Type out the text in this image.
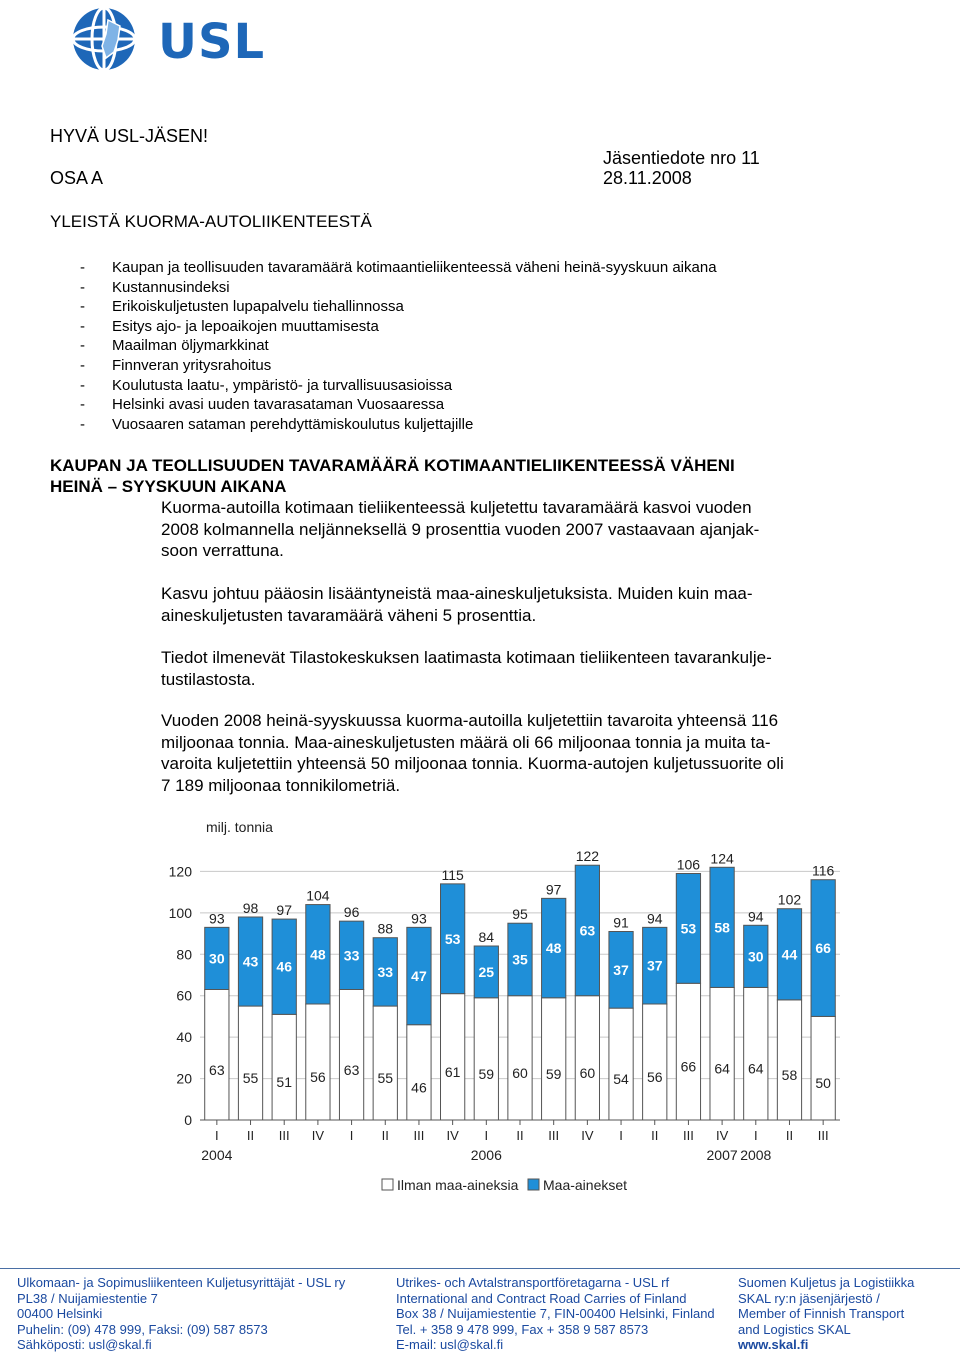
USL
HYVÄ USL-JÄSEN!
Jäsentiedote nro 11
OSA A	28.11.2008
YLEISTÄ KUORMA-AUTOLIIKENTEESTÄ
- Kaupan ja teollisuuden tavaramäärä kotimaantieliikenteessä väheni heinä-syyskuun aikana
- Kustannusindeksi
- Erikoiskuljetusten lupapalvelu tiehallinnossa
- Esitys ajo- ja lepoaikojen muuttamisesta
- Maailman öljymarkkinat
- Finnveran yritysrahoitus
- Koulutusta laatu-, ympäristö- ja turvallisuusasioissa
- Helsinki avasi uuden tavarasataman Vuosaaressa
- Vuosaaren sataman perehdyttämiskoulutus kuljettajille
KAUPAN JA TEOLLISUUDEN TAVARAMÄÄRÄ KOTIMAANTIELIIKENTEESSÄ VÄHENI
HEINÄ – SYYSKUUN AIKANA

Kuorma-autoilla kotimaan tieliikenteessä kuljetettu tavaramäärä kasvoi vuoden

2008 kolmannella neljänneksellä 9 prosenttia vuoden 2007 vastaavaan ajanjak-

soon verrattuna.

Kasvu johtuu pääosin lisääntyneistä maa-aineskuljetuksista. Muiden kuin maa-

aineskuljetusten tavaramäärä väheni 5 prosenttia.

Tiedot ilmenevät Tilastokeskuksen laatimasta kotimaan tieliikenteen tavarankulje-

tustilastosta.

Vuoden 2008 heinä-syyskuussa kuorma-autoilla kuljetettiin tavaroita yhteensä 116

miljoonaa tonnia. Maa-aineskuljetusten määrä oli 66 miljoonaa tonnia ja muita ta-

varoita kuljetettiin yhteensä 50 miljoonaa tonnia. Kuorma-autojen kuljetussuorite oli

7 189 miljoonaa tonnikilometriä.

0
20
40
60
80
100
120
milj. tonnia
63
30
93
I
55
43
98
II
51
46
97
III
56
48
104
IV
63
33
96
I
55
33
88
II
46
47
93
III
61
53
115
IV
59
25
84
I
60
35
95
II
59
48
97
III
60
63
122
IV
54
37
91
I
56
37
94
II
66
53
106
III
64
58
124
IV
64
30
94
I
58
44
102
II
50
66
116
III
2004	2006	2008
2007
Ilman maa-aineksia Maa-ainekset
Ulkomaan- ja Sopimusliikenteen Kuljetusyrittäjät - USL ry
PL38 / Nuijamiestentie 7
00400 Helsinki
Puhelin: (09) 478 999, Faksi: (09) 587 8573
Sähköposti: usl@skal.fi
Utrikes- och Avtalstransportföretagarna - USL rf
International and Contract Road Carries of Finland
Box 38 / Nuijamiestentie 7, FIN-00400 Helsinki, Finland
Tel. + 358 9 478 999, Fax + 358 9 587 8573
E-mail: usl@skal.fi
Suomen Kuljetus ja Logistiikka
SKAL ry:n jäsenjärjestö /
Member of Finnish Transport
and Logistics SKAL
www.skal.fi
